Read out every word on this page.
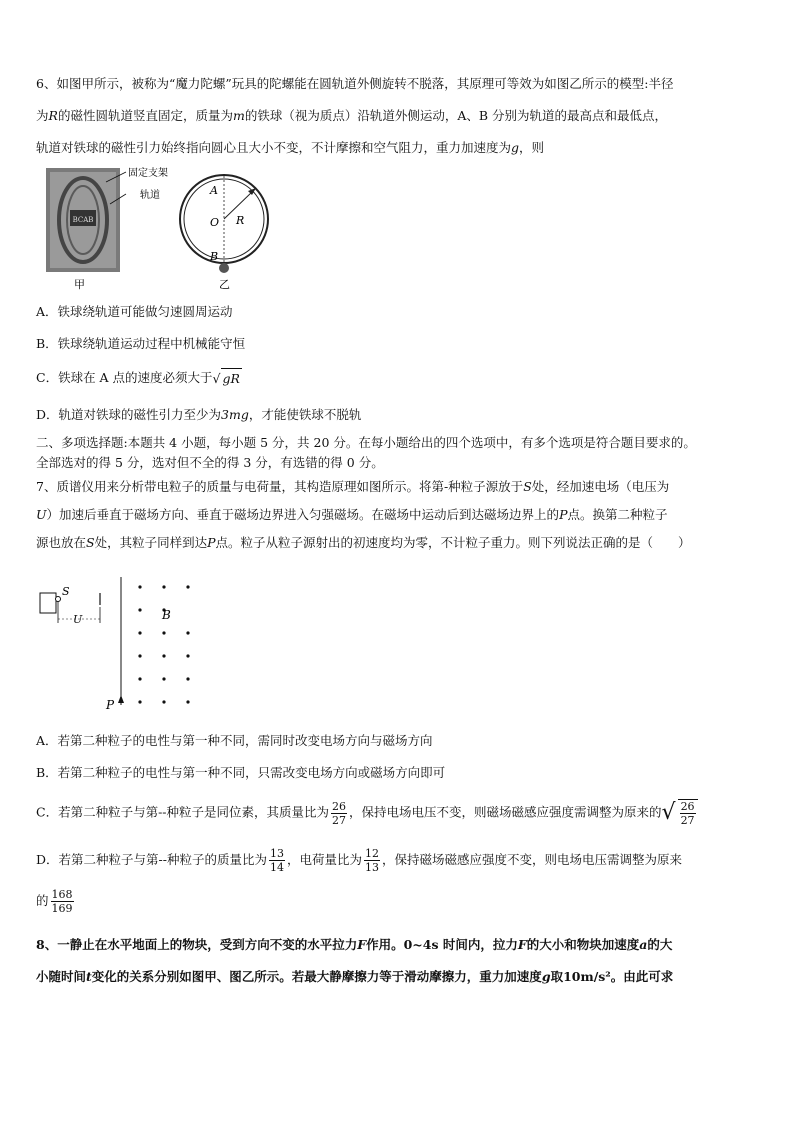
6、如图甲所示，被称为“魔力陀螺”玩具的陀螺能在圆轨道外侧旋转不脱落，其原理可等效为如图乙所示的模型:半径

为R的磁性圆轨道竖直固定，质量为m的铁球（视为质点）沿轨道外侧运动，A、B 分别为轨道的最高点和最低点，

轨道对铁球的磁性引力始终指向圆心且大小不变，不计摩擦和空气阻力，重力加速度为g，则

BCAB
固定支架
轨道
甲
A
O R
B
乙

A．铁球绕轨道可能做匀速圆周运动

B．铁球绕轨道运动过程中机械能守恒

C．铁球在 A 点的速度必须大于√ gR

D．轨道对铁球的磁性引力至少为3mg，才能使铁球不脱轨

二、多项选择题:本题共 4 小题，每小题 5 分，共 20 分。在每小题给出的四个选项中，有多个选项是符合题目要求的。

全部选对的得 5 分，选对但不全的得 3 分，有选错的得 0 分。

7、质谱仪用来分析带电粒子的质量与电荷量，其构造原理如图所示。将第-种粒子源放于S处，经加速电场（电压为

U）加速后垂直于磁场方向、垂直于磁场边界进入匀强磁场。在磁场中运动后到达磁场边界上的P点。换第二种粒子

源也放在S处，其粒子同样到达P点。粒子从粒子源射出的初速度均为零，不计粒子重力。则下列说法正确的是（　　）

S
U	B
P

A．若第二种粒子的电性与第一种不同，需同时改变电场方向与磁场方向

B．若第二种粒子的电性与第一种不同，只需改变电场方向或磁场方向即可

C．若第二种粒子与第--种粒子是同位素，其质量比为 $\frac{26}{27}$ ，保持电场电压不变，则磁场磁感应强度需调整为原来的 √ $\frac{26}{27}$

D．若第二种粒子与第--种粒子的质量比为 $\frac{13}{14}$ ，电荷量比为 $\frac{12}{13}$ ，保持磁场磁感应强度不变，则电场电压需调整为原来

的 $\frac{168}{169}$

8、一静止在水平地面上的物块，受到方向不变的水平拉力F作用。0~4s 时间内，拉力F的大小和物块加速度a的大

小随时间t变化的关系分别如图甲、图乙所示。若最大静摩擦力等于滑动摩擦力，重力加速度g取10m/s²。由此可求
